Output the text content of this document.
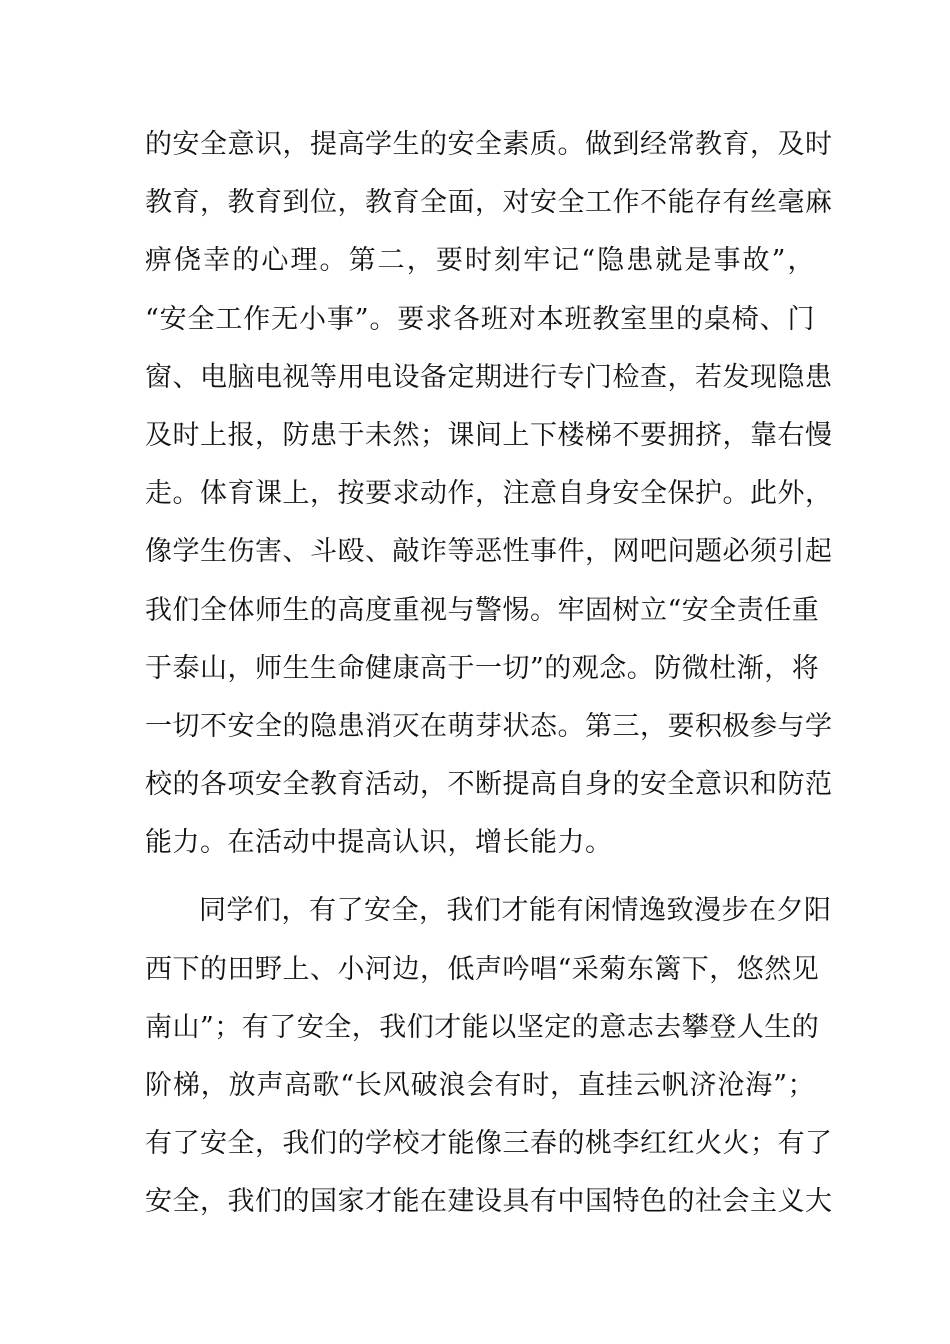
的安全意识，提高学生的安全素质。做到经常教育，及时
教育，教育到位，教育全面，对安全工作不能存有丝毫麻
痹侥幸的心理。第二，要时刻牢记“隐患就是事故”，
“安全工作无小事”。要求各班对本班教室里的桌椅、门
窗、电脑电视等用电设备定期进行专门检查，若发现隐患
及时上报，防患于未然；课间上下楼梯不要拥挤，靠右慢
走。体育课上，按要求动作，注意自身安全保护。此外，
像学生伤害、斗殴、敲诈等恶性事件，网吧问题必须引起
我们全体师生的高度重视与警惕。牢固树立“安全责任重
于泰山，师生生命健康高于一切”的观念。防微杜渐，将
一切不安全的隐患消灭在萌芽状态。第三，要积极参与学
校的各项安全教育活动，不断提高自身的安全意识和防范
能力。在活动中提高认识，增长能力。
同学们，有了安全，我们才能有闲情逸致漫步在夕阳
西下的田野上、小河边，低声吟唱“采菊东篱下，悠然见
南山”；有了安全，我们才能以坚定的意志去攀登人生的
阶梯，放声高歌“长风破浪会有时，直挂云帆济沧海”；
有了安全，我们的学校才能像三春的桃李红红火火；有了
安全，我们的国家才能在建设具有中国特色的社会主义大
